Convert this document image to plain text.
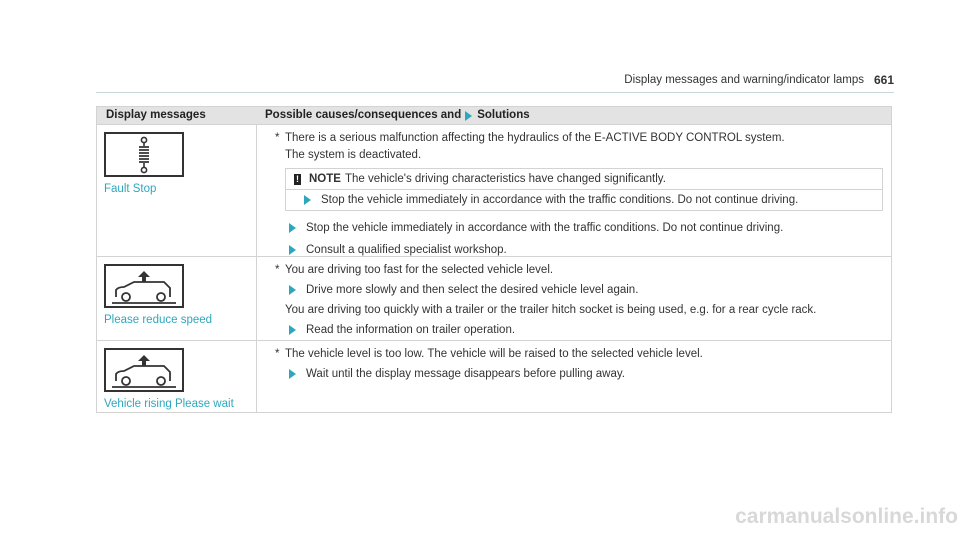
Display messages and warning/indicator lamps 661
Display messages	Possible causes/consequences and Solutions
Fault Stop
* There is a serious malfunction affecting the hydraulics of the E-ACTIVE BODY CONTROL system.
The system is deactivated.
! NOTE The vehicle's driving characteristics have changed significantly.
Stop the vehicle immediately in accordance with the traffic conditions. Do not continue driving.
Stop the vehicle immediately in accordance with the traffic conditions. Do not continue driving.
Consult a qualified specialist workshop.
Please reduce speed
* You are driving too fast for the selected vehicle level.
Drive more slowly and then select the desired vehicle level again.
You are driving too quickly with a trailer or the trailer hitch socket is being used, e.g. for a rear cycle rack.
Read the information on trailer operation.
Vehicle rising Please wait
* The vehicle level is too low. The vehicle will be raised to the selected vehicle level.
Wait until the display message disappears before pulling away.
carmanualsonline.info
